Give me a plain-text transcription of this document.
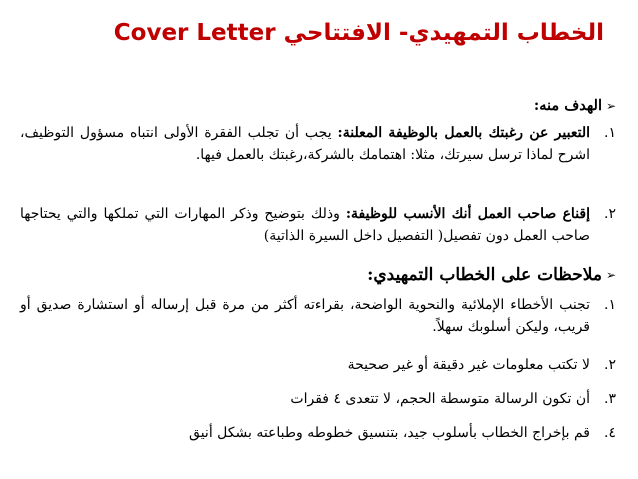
الخطاب التمهيدي- الافتتاحي Cover Letter
➢
الهدف منه:
١.
التعبير عن رغبتك بالعمل بالوظيفة المعلنة: يجب أن تجلب الفقرة الأولى انتباه مسؤول التوظيف، اشرح لماذا ترسل سيرتك، مثلا: اهتمامك بالشركة،رغبتك بالعمل فيها.
٢.
إقناع صاحب العمل أنك الأنسب للوظيفة: وذلك بتوضيح وذكر المهارات التي تملكها والتي يحتاجها صاحب العمل دون تفصيل( التفصيل داخل السيرة الذاتية)
➢
ملاحظات على الخطاب التمهيدي:
١.
تجنب الأخطاء الإملائية والنحوية الواضحة، بقراءته أكثر من مرة قبل إرساله أو استشارة صديق أو قريب، وليكن أسلوبك سهلاً.
٢.
لا تكتب معلومات غير دقيقة أو غير صحيحة
٣.
أن تكون الرسالة متوسطة الحجم، لا تتعدى ٤ فقرات
٤.
قم بإخراج الخطاب بأسلوب جيد، بتنسيق خطوطه وطباعته بشكل أنيق
